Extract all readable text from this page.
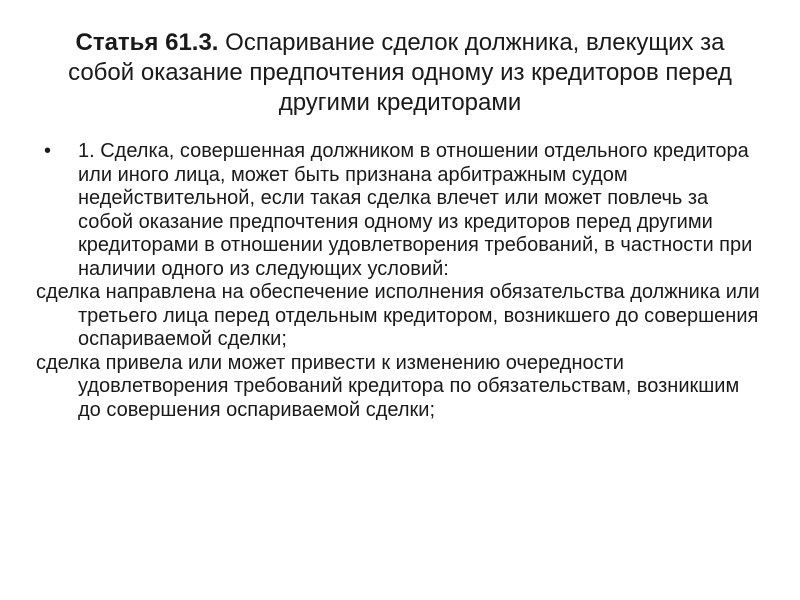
Статья 61.3. Оспаривание сделок должника, влекущих за собой оказание предпочтения одному из кредиторов перед другими кредиторами

• 1. Сделка, совершенная должником в отношении отдельного кредитора или иного лица, может быть признана арбитражным судом недействительной, если такая сделка влечет или может повлечь за собой оказание предпочтения одному из кредиторов перед другими кредиторами в отношении удовлетворения требований, в частности при наличии одного из следующих условий:

сделка направлена на обеспечение исполнения обязательства должника или третьего лица перед отдельным кредитором, возникшего до совершения оспариваемой сделки;

сделка привела или может привести к изменению очередности удовлетворения требований кредитора по обязательствам, возникшим до совершения оспариваемой сделки;
